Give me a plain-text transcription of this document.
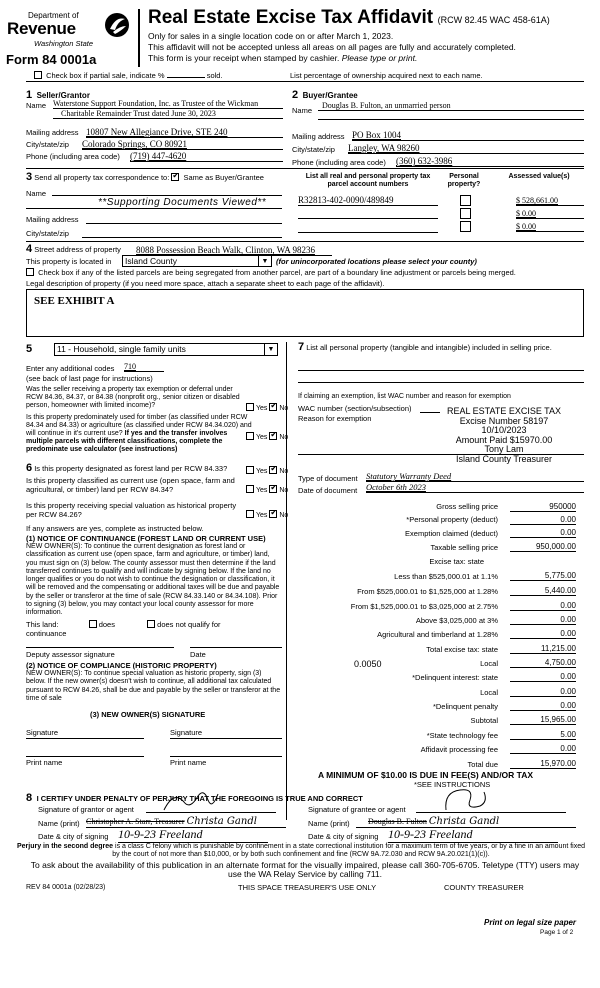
Department of
Revenue
Washington State
Form 84 0001a
Real Estate Excise Tax Affidavit (RCW 82.45 WAC 458-61A)
Only for sales in a single location code on or after March 1, 2023.
This affidavit will not be accepted unless all areas on all pages are fully and accurately completed.
This form is your receipt when stamped by cashier. Please type or print.
Check box if partial sale, indicate %	sold.	List percentage of ownership acquired next to each name.
1 Seller/Grantor
Name Waterstone Support Foundation, Inc. as Trustee of the Wickman
Charitable Remainder Trust dated June 30, 2023
Mailing address 10807 New Allegiance Drive, STE 240
City/state/zip Colorado Springs, CO 80921
Phone (including area code) (719) 447-4620
2 Buyer/Grantee
Name
Douglas B. Fulton, an unmarried person
Mailing address PO Box 1004
City/state/zip Langley, WA 98260
Phone (including area code) (360) 632-3986
3 Send all property tax correspondence to: ✔ Same as Buyer/Grantee
Name
**Supporting Documents Viewed**
Mailing address
City/state/zip
List all real and personal property tax parcel account numbers
Personal property?
Assessed value(s)
R32813-402-0090/489849	$ 528,661.00
$ 0.00
$ 0.00
4 Street address of property 8088 Possession Beach Walk, Clinton, WA 98236
This property is located in	Island County	▼	(for unincorporated locations please select your county)
Check box if any of the listed parcels are being segregated from another parcel, are part of a boundary line adjustment or parcels being merged.
Legal description of property (if you need more space, attach a separate sheet to each page of the affidavit).
SEE EXHIBIT A
5	11 - Household, single family units	▼
Enter any additional codes 710
(see back of last page for instructions)
Was the seller receiving a property tax exemption or deferral under RCW 84.36, 84.37, or 84.38 (nonprofit org., senior citizen or disabled person, homeowner with limited income)?	Yes ✔ No
Is this property predominately used for timber (as classified under RCW 84.34 and 84.33) or agriculture (as classified under RCW 84.34.020) and will continue in it's current use? If yes and the transfer involves multiple parcels with different classifications, complete the predominate use calculator (see instructions)
Yes ✔ No
6 Is this property designated as forest land per RCW 84.33?	Yes ✔ No
Is this property classified as current use (open space, farm and agricultural, or timber) land per RCW 84.34?	Yes ✔ No
Is this property receiving special valuation as historical property per RCW 84.26?	Yes ✔ No
If any answers are yes, complete as instructed below.
(1) NOTICE OF CONTINUANCE (FOREST LAND OR CURRENT USE)
NEW OWNER(S): To continue the current designation as forest land or classification as current use (open space, farm and agriculture, or timber) land, you must sign on (3) below. The county assessor must then determine if the land transferred continues to qualify and will indicate by signing below. If the land no longer qualifies or you do not wish to continue the designation or classification, it will be removed and the compensating or additional taxes will be due and payable by the seller or transferor at the time of sale (RCW 84.33.140 or 84.34.108). Prior to signing (3) below, you may contact your local county assessor for more information.
This land:	does	does not qualify for
continuance
Deputy assessor signature	Date
(2) NOTICE OF COMPLIANCE (HISTORIC PROPERTY)
NEW OWNER(S): To continue special valuation as historic property, sign (3) below. If the new owner(s) doesn't wish to continue, all additional tax calculated pursuant to RCW 84.26, shall be due and payable by the seller or transferor at the time of sale
(3) NEW OWNER(S) SIGNATURE
Signature	Signature
Print name	Print name
7 List all personal property (tangible and intangible) included in selling price.
If claiming an exemption, list WAC number and reason for exemption
WAC number (section/subsection)
Reason for exemption
REAL ESTATE EXCISE TAX
Excise Number 58197
10/10/2023
Amount Paid $15970.00
Tony Lam
Island County Treasurer
Type of document Statutory Warranty Deed
Date of document October 6th 2023
Gross selling price	950000
*Personal property (deduct)	0.00
Exemption claimed (deduct)	0.00
Taxable selling price	950,000.00
Excise tax: state
Less than $525,000.01 at 1.1%	5,775.00
From $525,000.01 to $1,525,000 at 1.28%	5,440.00
From $1,525,000.01 to $3,025,000 at 2.75%	0.00
Above $3,025,000 at 3%	0.00
Agricultural and timberland at 1.28%	0.00
Total excise tax: state	11,215.00
0.0050	Local	4,750.00
*Delinquent interest: state	0.00
Local	0.00
*Delinquent penalty	0.00
Subtotal	15,965.00
*State technology fee	5.00
Affidavit processing fee	0.00
Total due	15,970.00
A MINIMUM OF $10.00 IS DUE IN FEE(S) AND/OR TAX
*SEE INSTRUCTIONS
8 I CERTIFY UNDER PENALTY OF PERJURY THAT THE FOREGOING IS TRUE AND CORRECT
Signature of grantor or agent
Name (print) Christopher A. Starr, Treasurer Christa Gandl
Date & city of signing 10-9-23 Freeland
Signature of grantee or agent
Name (print)	Douglas B. Fulton Christa Gandl
Date & city of signing 10-9-23 Freeland
Perjury in the second degree is a class C felony which is punishable by confinement in a state correctional institution for a maximum term of five years, or by a fine in an amount fixed by the court of not more than $10,000, or by both such confinement and fine (RCW 9A.72.030 and RCW 9A.20.021(1)(c)).
To ask about the availability of this publication in an alternate format for the visually impaired, please call 360-705-6705. Teletype (TTY) users may use the WA Relay Service by calling 711.
REV 84 0001a (02/28/23)	THIS SPACE TREASURER'S USE ONLY	COUNTY TREASURER
Print on legal size paper
Page 1 of 2
